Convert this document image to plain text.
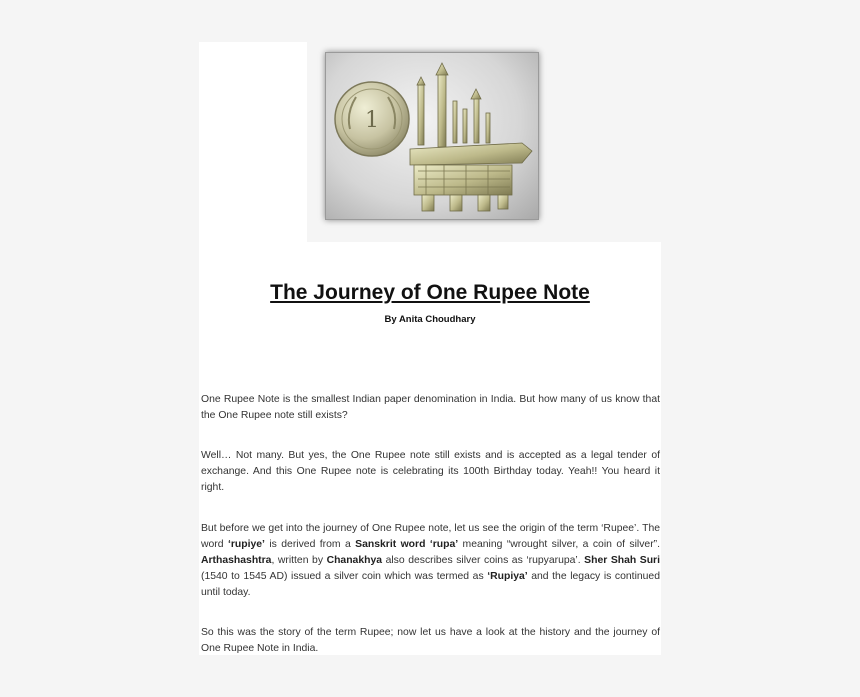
1
The Journey of One Rupee Note
By Anita Choudhary

One Rupee Note is the smallest Indian paper denomination in India. But how many of us know that the One Rupee note still exists?

Well… Not many. But yes, the One Rupee note still exists and is accepted as a legal tender of exchange. And this One Rupee note is celebrating its 100th Birthday today. Yeah!! You heard it right.

But before we get into the journey of One Rupee note, let us see the origin of the term ‘Rupee’. The word ‘rupiye’ is derived from a Sanskrit word ‘rupa’ meaning “wrought silver, a coin of silver”. Arthashashtra, written by Chanakhya also describes silver coins as ‘rupyarupa’. Sher Shah Suri (1540 to 1545 AD) issued a silver coin which was termed as ‘Rupiya’ and the legacy is continued until today.

So this was the story of the term Rupee; now let us have a look at the history and the journey of One Rupee Note in India.
